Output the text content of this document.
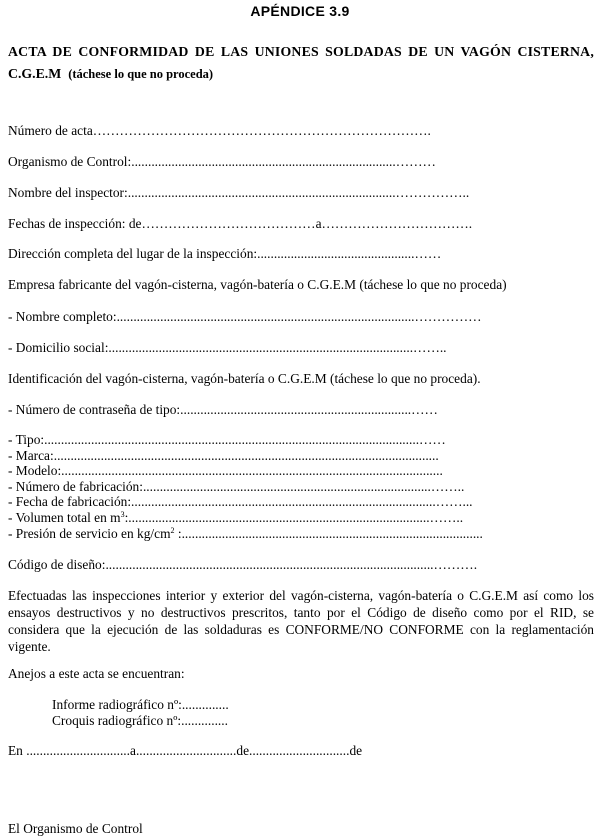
APÉNDICE 3.9
ACTA DE CONFORMIDAD DE LAS UNIONES SOLDADAS DE UN VAGÓN CISTERNA,
C.G.E.M (táchese lo que no proceda)
Número de acta………………………………………………………………….
Organismo de Control:...............................................................................………
Nombre del inspector:................................................................................……………..
Fechas de inspección: de…………………………………a…………………………….
Dirección completa del lugar de la inspección:...............................................……
Empresa fabricante del vagón-cisterna, vagón-batería o C.G.E.M (táchese lo que no proceda)
- Nombre completo:.........................................................................................……………
- Domicilio social:...........................................................................................……..
Identificación del vagón-cisterna, vagón-batería o C.G.E.M (táchese lo que no proceda).
- Número de contraseña de tipo:.....................................................................……
- Tipo:................................................................................................................……
- Marca:...................................................................................................................
- Modelo:..................................................................................................................
- Número de fabricación:......................................................................................……..
- Fecha de fabricación:...........................................................................................……...
- Volumen total en $m^3:..........................................................................................\dots\dots$..
- Presión de servicio en $kg/cm^2$ :..........................................................................................
Código de diseño:..................................................................................................……….
Efectuadas las inspecciones interior y exterior del vagón-cisterna, vagón-batería o C.G.E.M así como los ensayos destructivos y no destructivos prescritos, tanto por el Código de diseño como por el RID, se considera que la ejecución de las soldaduras es CONFORME/NO CONFORME con la reglamentación vigente.
Anejos a este acta se encuentran:
Informe radiográfico nº:..............
Croquis radiográfico nº:..............
En ...............................a..............................de..............................de
El Organismo de Control
